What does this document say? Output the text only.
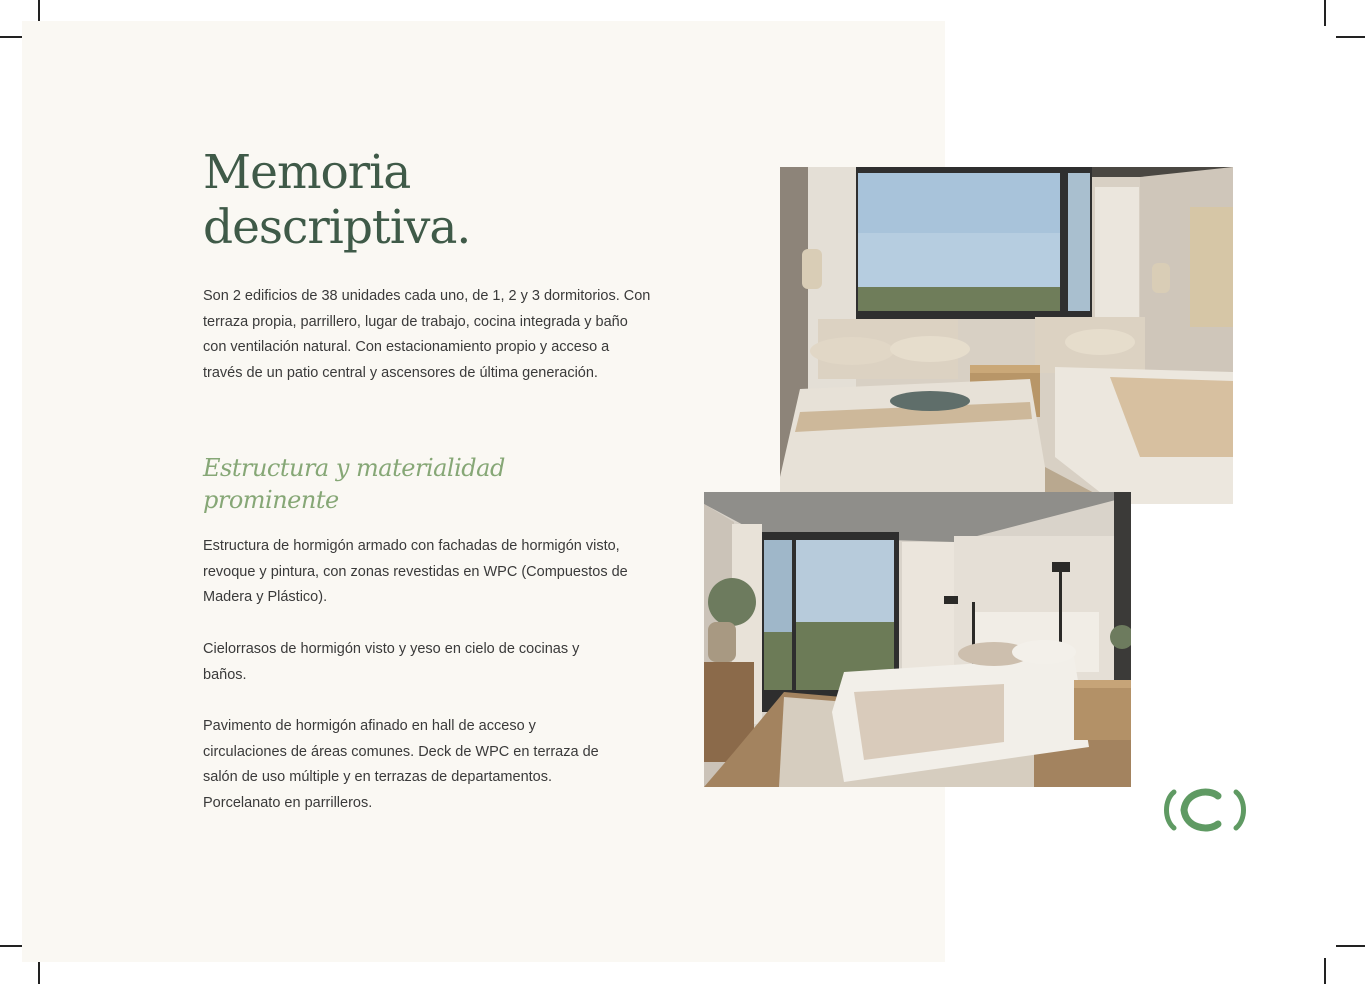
Memoria descriptiva.

Son 2 edificios de 38 unidades cada uno, de 1, 2 y 3 dormitorios. Con terraza propia, parrillero, lugar de trabajo, cocina integrada y baño con ventilación natural. Con estacionamiento propio y acceso a través de un patio central y ascensores de última generación.

Estructura y materialidad prominente

Estructura de hormigón armado con fachadas de hormigón visto, revoque y pintura, con zonas revestidas en WPC (Compuestos de Madera y Plástico).

Cielorrasos de hormigón visto y yeso en cielo de cocinas y baños.

Pavimento de hormigón afinado en hall de acceso y circulaciones de áreas comunes. Deck de WPC en terraza de salón de uso múltiple y en terrazas de departamentos. Porcelanato en parrilleros.
